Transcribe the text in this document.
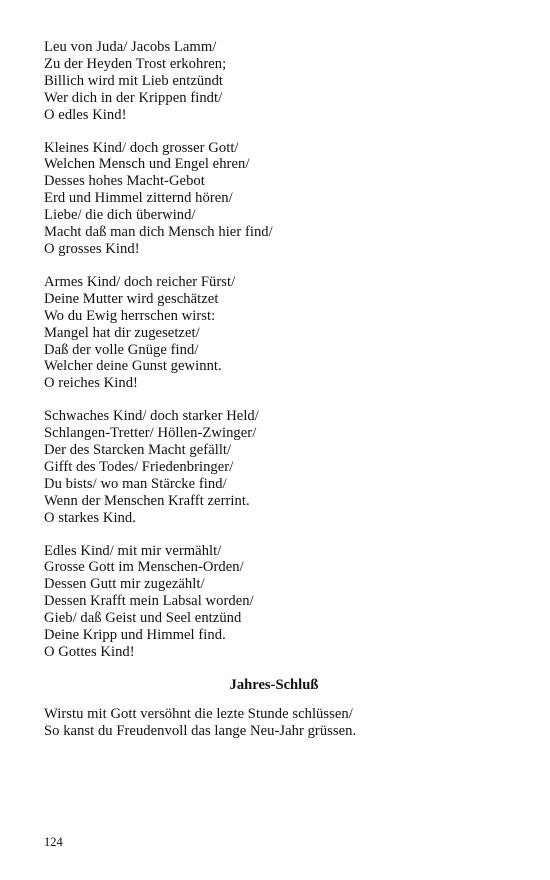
Leu von Juda/ Jacobs Lamm/
Zu der Heyden Trost erkohren;
Billich wird mit Lieb entzündt
Wer dich in der Krippen findt/
O edles Kind!
Kleines Kind/ doch grosser Gott/
Welchen Mensch und Engel ehren/
Desses hohes Macht-Gebot
Erd und Himmel zitternd hören/
Liebe/ die dich überwind/
Macht daß man dich Mensch hier find/
O grosses Kind!
Armes Kind/ doch reicher Fürst/
Deine Mutter wird geschätzet
Wo du Ewig herrschen wirst:
Mangel hat dir zugesetzet/
Daß der volle Gnüge find/
Welcher deine Gunst gewinnt.
O reiches Kind!
Schwaches Kind/ doch starker Held/
Schlangen-Tretter/ Höllen-Zwinger/
Der des Starcken Macht gefällt/
Gifft des Todes/ Friedenbringer/
Du bists/ wo man Stärcke find/
Wenn der Menschen Krafft zerrint.
O starkes Kind.
Edles Kind/ mit mir vermählt/
Grosse Gott im Menschen-Orden/
Dessen Gutt mir zugezählt/
Dessen Krafft mein Labsal worden/
Gieb/ daß Geist und Seel entzünd
Deine Kripp und Himmel find.
O Gottes Kind!
Jahres-Schluß
Wirstu mit Gott versöhnt die lezte Stunde schlüssen/
So kanst du Freudenvoll das lange Neu-Jahr grüssen.
124
